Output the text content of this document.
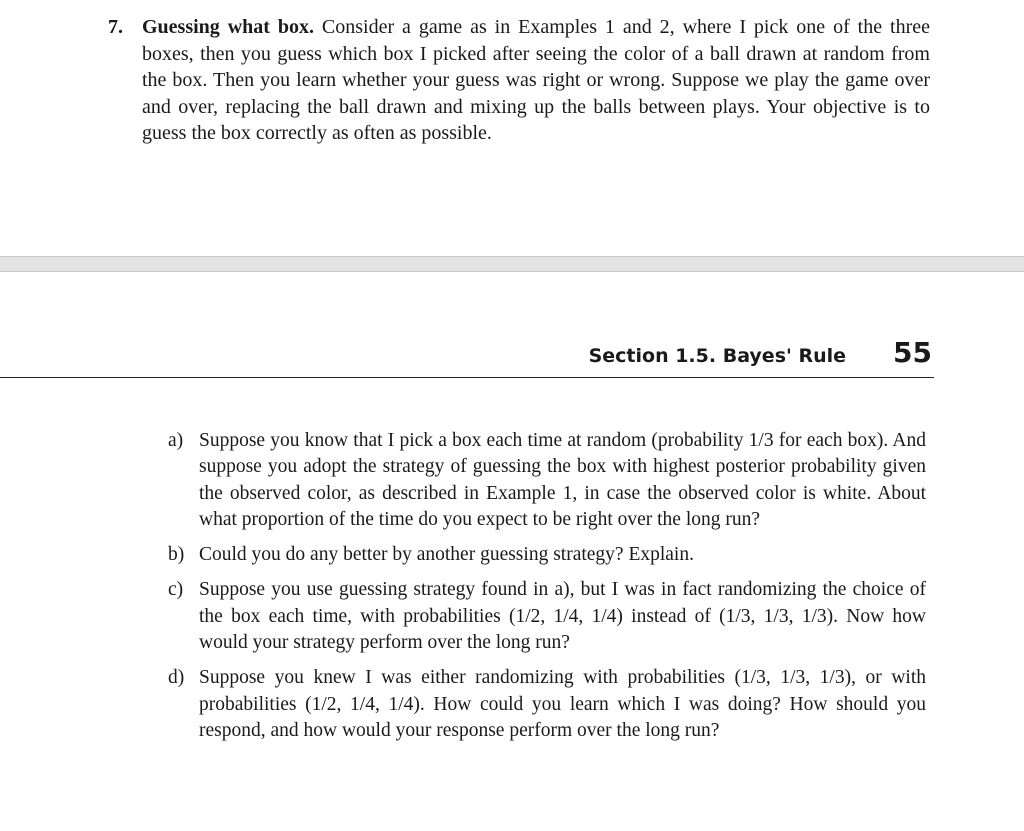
7. Guessing what box. Consider a game as in Examples 1 and 2, where I pick one of the three boxes, then you guess which box I picked after seeing the color of a ball drawn at random from the box. Then you learn whether your guess was right or wrong. Suppose we play the game over and over, replacing the ball drawn and mixing up the balls between plays. Your objective is to guess the box correctly as often as possible.
Section 1.5. Bayes' Rule 55
a) Suppose you know that I pick a box each time at random (probability 1/3 for each box). And suppose you adopt the strategy of guessing the box with highest posterior probability given the observed color, as described in Example 1, in case the observed color is white. About what proportion of the time do you expect to be right over the long run?
b) Could you do any better by another guessing strategy? Explain.
c) Suppose you use guessing strategy found in a), but I was in fact randomizing the choice of the box each time, with probabilities (1/2, 1/4, 1/4) instead of (1/3, 1/3, 1/3). Now how would your strategy perform over the long run?
d) Suppose you knew I was either randomizing with probabilities (1/3, 1/3, 1/3), or with probabilities (1/2, 1/4, 1/4). How could you learn which I was doing? How should you respond, and how would your response perform over the long run?
